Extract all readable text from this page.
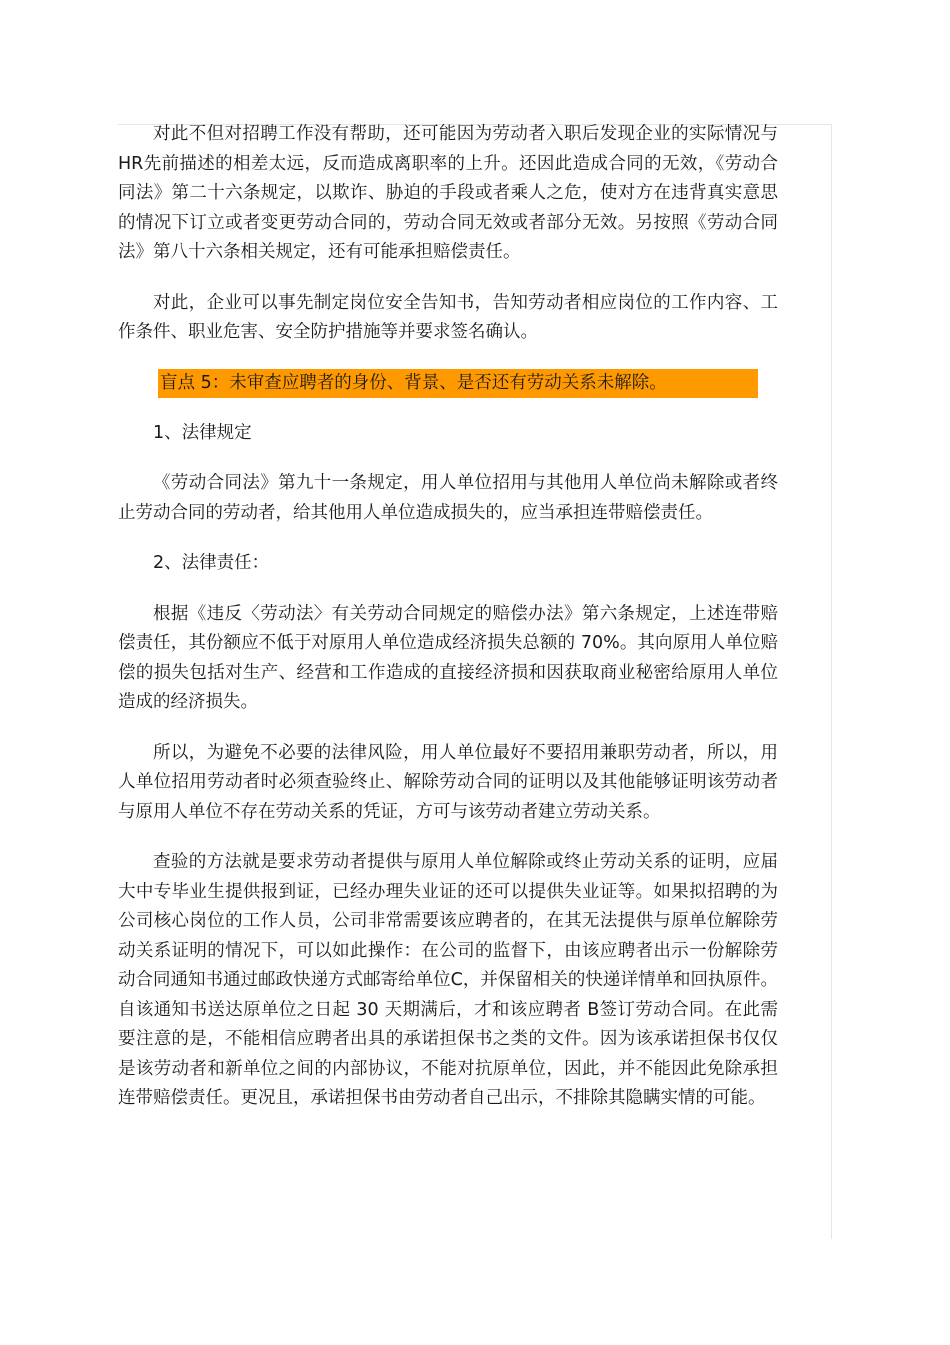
对此不但对招聘工作没有帮助，还可能因为劳动者入职后发现企业的实际情况与 HR先前描述的相差太远，反而造成离职率的上升。还因此造成合同的无效，《劳动合同法》第二十六条规定，以欺诈、胁迫的手段或者乘人之危，使对方在违背真实意思的情况下订立或者变更劳动合同的，劳动合同无效或者部分无效。另按照《劳动合同法》第八十六条相关规定，还有可能承担赔偿责任。

对此，企业可以事先制定岗位安全告知书，告知劳动者相应岗位的工作内容、工作条件、职业危害、安全防护措施等并要求签名确认。

盲点 5：未审查应聘者的身份、背景、是否还有劳动关系未解除。

1、法律规定

《劳动合同法》第九十一条规定，用人单位招用与其他用人单位尚未解除或者终止劳动合同的劳动者，给其他用人单位造成损失的，应当承担连带赔偿责任。

2、法律责任：

根据《违反〈劳动法〉有关劳动合同规定的赔偿办法》第六条规定，上述连带赔偿责任，其份额应不低于对原用人单位造成经济损失总额的 70%。其向原用人单位赔偿的损失包括对生产、经营和工作造成的直接经济损和因获取商业秘密给原用人单位造成的经济损失。

所以，为避免不必要的法律风险，用人单位最好不要招用兼职劳动者，所以，用人单位招用劳动者时必须查验终止、解除劳动合同的证明以及其他能够证明该劳动者与原用人单位不存在劳动关系的凭证，方可与该劳动者建立劳动关系。

查验的方法就是要求劳动者提供与原用人单位解除或终止劳动关系的证明，应届大中专毕业生提供报到证，已经办理失业证的还可以提供失业证等。如果拟招聘的为公司核心岗位的工作人员，公司非常需要该应聘者的，在其无法提供与原单位解除劳动关系证明的情况下，可以如此操作：在公司的监督下，由该应聘者出示一份解除劳动合同通知书通过邮政快递方式邮寄给单位C，并保留相关的快递详情单和回执原件。自该通知书送达原单位之日起 30 天期满后，才和该应聘者 B签订劳动合同。在此需要注意的是，不能相信应聘者出具的承诺担保书之类的文件。因为该承诺担保书仅仅是该劳动者和新单位之间的内部协议，不能对抗原单位，因此，并不能因此免除承担连带赔偿责任。更况且，承诺担保书由劳动者自己出示，不排除其隐瞒实情的可能。
